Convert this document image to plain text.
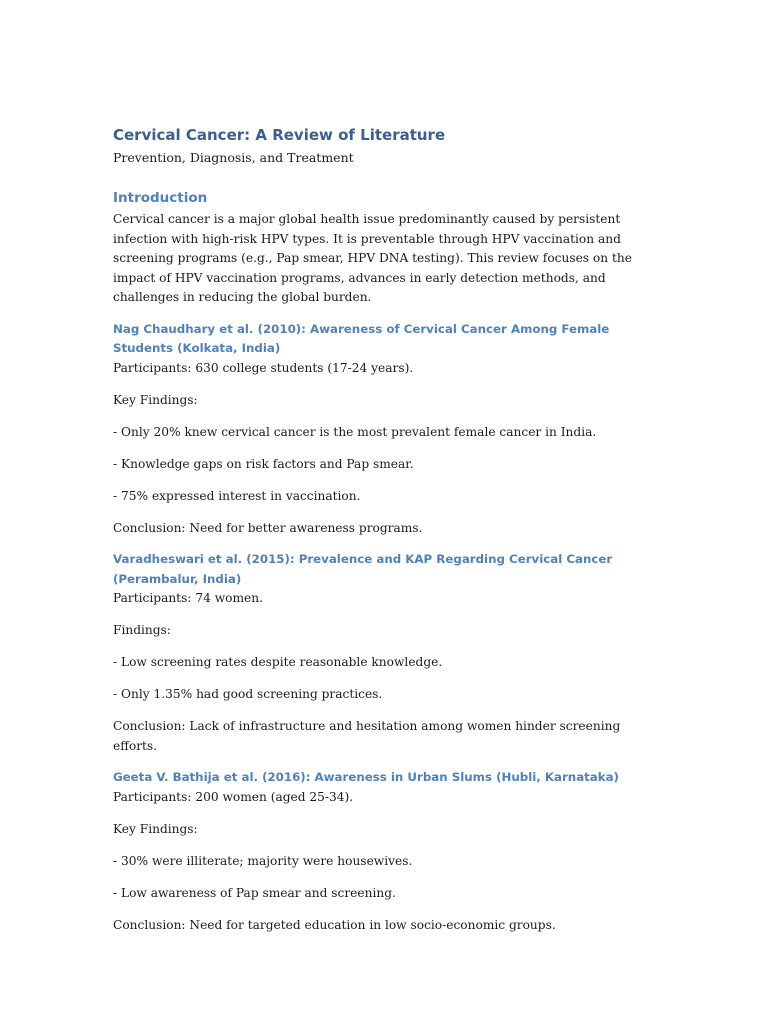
Cervical Cancer: A Review of Literature

Prevention, Diagnosis, and Treatment

Introduction

Cervical cancer is a major global health issue predominantly caused by persistent infection with high-risk HPV types. It is preventable through HPV vaccination and screening programs (e.g., Pap smear, HPV DNA testing). This review focuses on the impact of HPV vaccination programs, advances in early detection methods, and challenges in reducing the global burden.

Nag Chaudhary et al. (2010): Awareness of Cervical Cancer Among Female Students (Kolkata, India)

Participants: 630 college students (17-24 years).

Key Findings:

- Only 20% knew cervical cancer is the most prevalent female cancer in India.

- Knowledge gaps on risk factors and Pap smear.

- 75% expressed interest in vaccination.

Conclusion: Need for better awareness programs.

Varadheswari et al. (2015): Prevalence and KAP Regarding Cervical Cancer (Perambalur, India)

Participants: 74 women.

Findings:

- Low screening rates despite reasonable knowledge.

- Only 1.35% had good screening practices.

Conclusion: Lack of infrastructure and hesitation among women hinder screening efforts.

Geeta V. Bathija et al. (2016): Awareness in Urban Slums (Hubli, Karnataka)

Participants: 200 women (aged 25-34).

Key Findings:

- 30% were illiterate; majority were housewives.

- Low awareness of Pap smear and screening.

Conclusion: Need for targeted education in low socio-economic groups.
